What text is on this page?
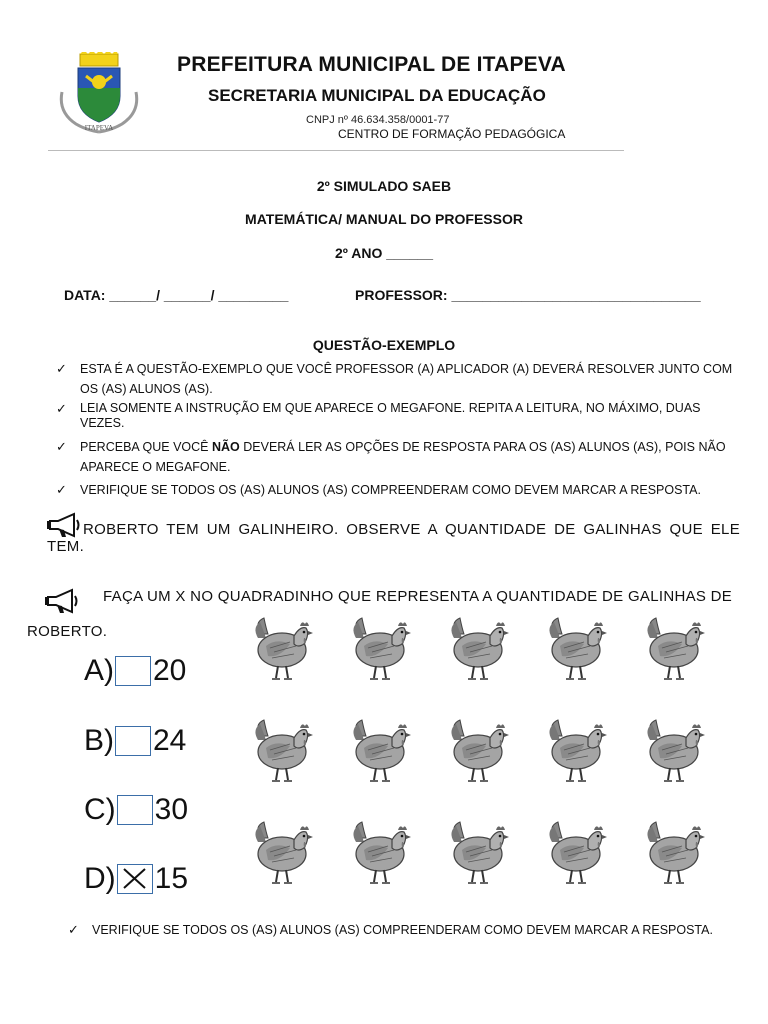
ITAPEVA
PREFEITURA MUNICIPAL DE ITAPEVA
SECRETARIA MUNICIPAL DA EDUCAÇÃO
CNPJ nº 46.634.358/0001-77
CENTRO DE FORMAÇÃO PEDAGÓGICA
2º SIMULADO SAEB
MATEMÁTICA/ MANUAL DO PROFESSOR
2º ANO ______
DATA: ______/ ______/ _________	PROFESSOR: ________________________________
QUESTÃO-EXEMPLO
✓ ESTA É A QUESTÃO-EXEMPLO QUE VOCÊ PROFESSOR (A) APLICADOR (A) DEVERÁ RESOLVER JUNTO COM OS (AS) ALUNOS (AS).
✓ LEIA SOMENTE A INSTRUÇÃO EM QUE APARECE O MEGAFONE. REPITA A LEITURA, NO MÁXIMO, DUAS VEZES.
✓ PERCEBA QUE VOCÊ NÃO DEVERÁ LER AS OPÇÕES DE RESPOSTA PARA OS (AS) ALUNOS (AS), POIS NÃO APARECE O MEGAFONE.
✓ VERIFIQUE SE TODOS OS (AS) ALUNOS (AS) COMPREENDERAM COMO DEVEM MARCAR A RESPOSTA.
ROBERTO TEM UM GALINHEIRO. OBSERVE A QUANTIDADE DE GALINHAS QUE ELE TEM.
FAÇA UM X NO QUADRADINHO QUE REPRESENTA A QUANTIDADE DE GALINHAS DE
ROBERTO.
A) 20
B) 24
C) 30
D) 15
✓ VERIFIQUE SE TODOS OS (AS) ALUNOS (AS) COMPREENDERAM COMO DEVEM MARCAR A RESPOSTA.
